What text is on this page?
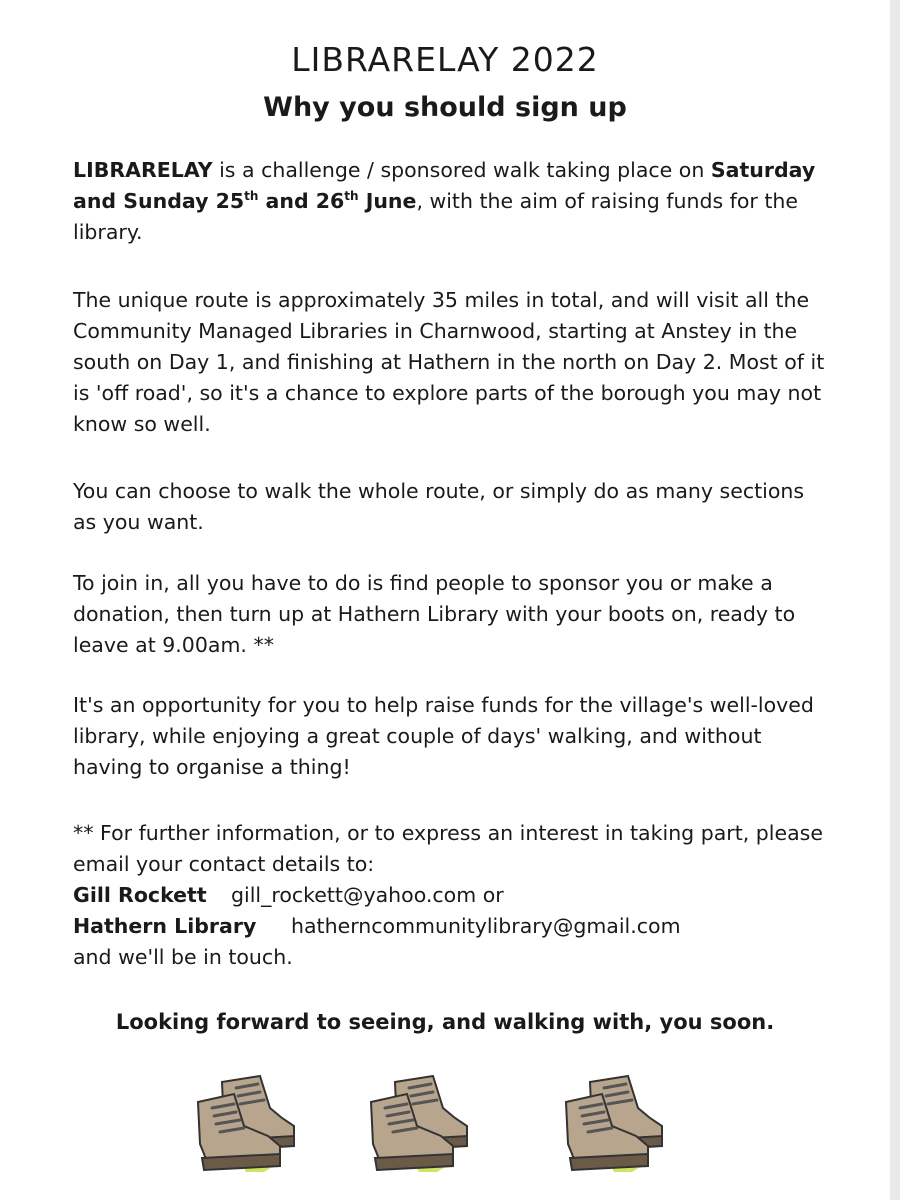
LIBRARELAY 2022
Why you should sign up

LIBRARELAY is a challenge / sponsored walk taking place on Saturday and Sunday 25th and 26th June, with the aim of raising funds for the library.

The unique route is approximately 35 miles in total, and will visit all the Community Managed Libraries in Charnwood, starting at Anstey in the south on Day 1, and finishing at Hathern in the north on Day 2. Most of it is 'off road', so it's a chance to explore parts of the borough you may not know so well.

You can choose to walk the whole route, or simply do as many sections as you want.

To join in, all you have to do is find people to sponsor you or make a donation, then turn up at Hathern Library with your boots on, ready to leave at 9.00am. **

It's an opportunity for you to help raise funds for the village's well-loved library, while enjoying a great couple of days' walking, and without having to organise a thing!

** For further information, or to express an interest in taking part, please email your contact details to:
Gill Rockett gill_rockett@yahoo.com or
Hathern Library hatherncommunitylibrary@gmail.com
and we'll be in touch.
Looking forward to seeing, and walking with, you soon.
